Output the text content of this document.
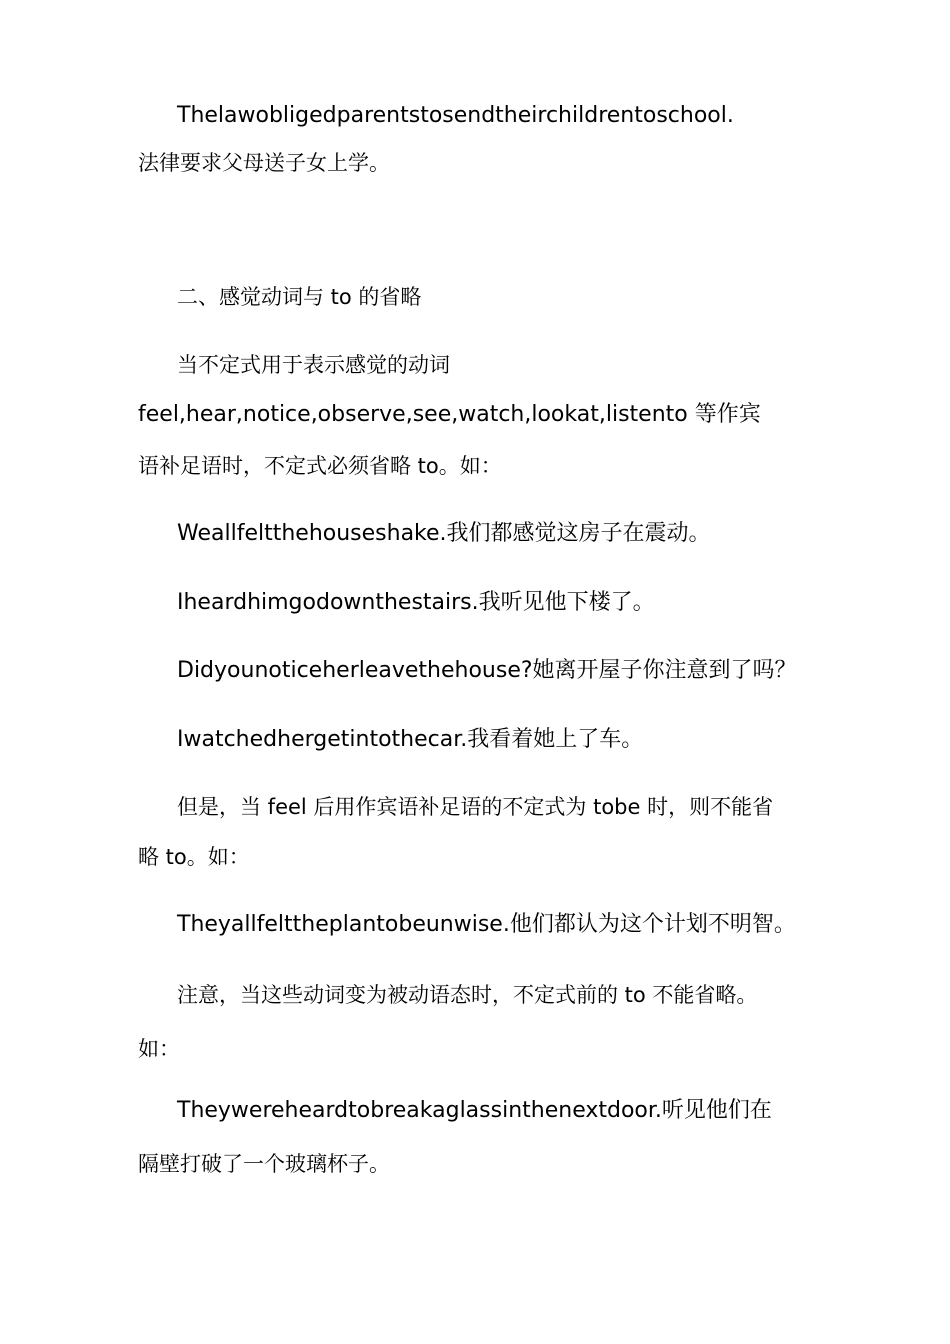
Thelawobligedparentstosendtheirchildrentoschool.
法律要求父母送子女上学。
二、感觉动词与 to 的省略
当不定式用于表示感觉的动词
feel,hear,notice,observe,see,watch,lookat,listento 等作宾
语补足语时，不定式必须省略 to。如：
Weallfeltthehouseshake.我们都感觉这房子在震动。
Iheardhimgodownthestairs.我听见他下楼了。
Didyounoticeherleavethehouse?她离开屋子你注意到了吗？
Iwatchedhergetintothecar.我看着她上了车。
但是，当 feel 后用作宾语补足语的不定式为 tobe 时，则不能省
略 to。如：
Theyallfelttheplantobeunwise.他们都认为这个计划不明智。
注意，当这些动词变为被动语态时，不定式前的 to 不能省略。
如：
Theywereheardtobreakaglassinthenextdoor.听见他们在
隔壁打破了一个玻璃杯子。
